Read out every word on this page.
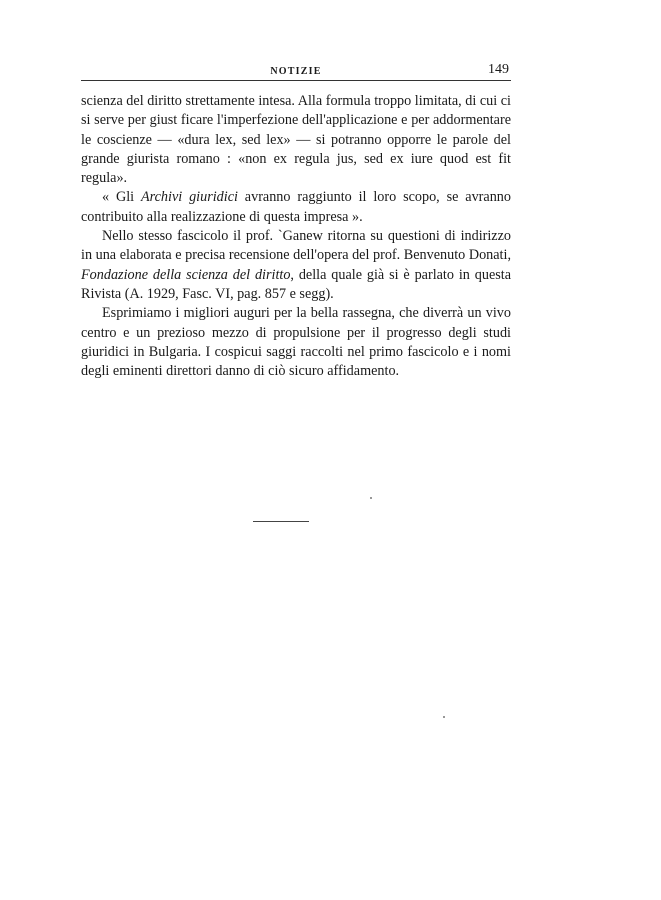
NOTIZIE	149

scienza del diritto strettamente intesa. Alla formula troppo limitata, di cui ci si serve per giust ficare l'imperfezione dell'applicazione e per addormentare le coscienze — «dura lex, sed lex» — si potranno opporre le parole del grande giurista romano : «non ex regula jus, sed ex iure quod est fit regula».

« Gli Archivi giuridici avranno raggiunto il loro scopo, se avranno contribuito alla realizzazione di questa impresa ».

Nello stesso fascicolo il prof. `Ganew ritorna su questioni di indirizzo in una elaborata e precisa recensione dell'opera del prof. Benvenuto Donati, Fondazione della scienza del diritto, della quale già si è parlato in questa Rivista (A. 1929, Fasc. VI, pag. 857 e segg).

Esprimiamo i migliori auguri per la bella rassegna, che diverrà un vivo centro e un prezioso mezzo di propulsione per il progresso degli studi giuridici in Bulgaria. I cospicui saggi raccolti nel primo fascicolo e i nomi degli eminenti direttori danno di ciò sicuro affidamento.
